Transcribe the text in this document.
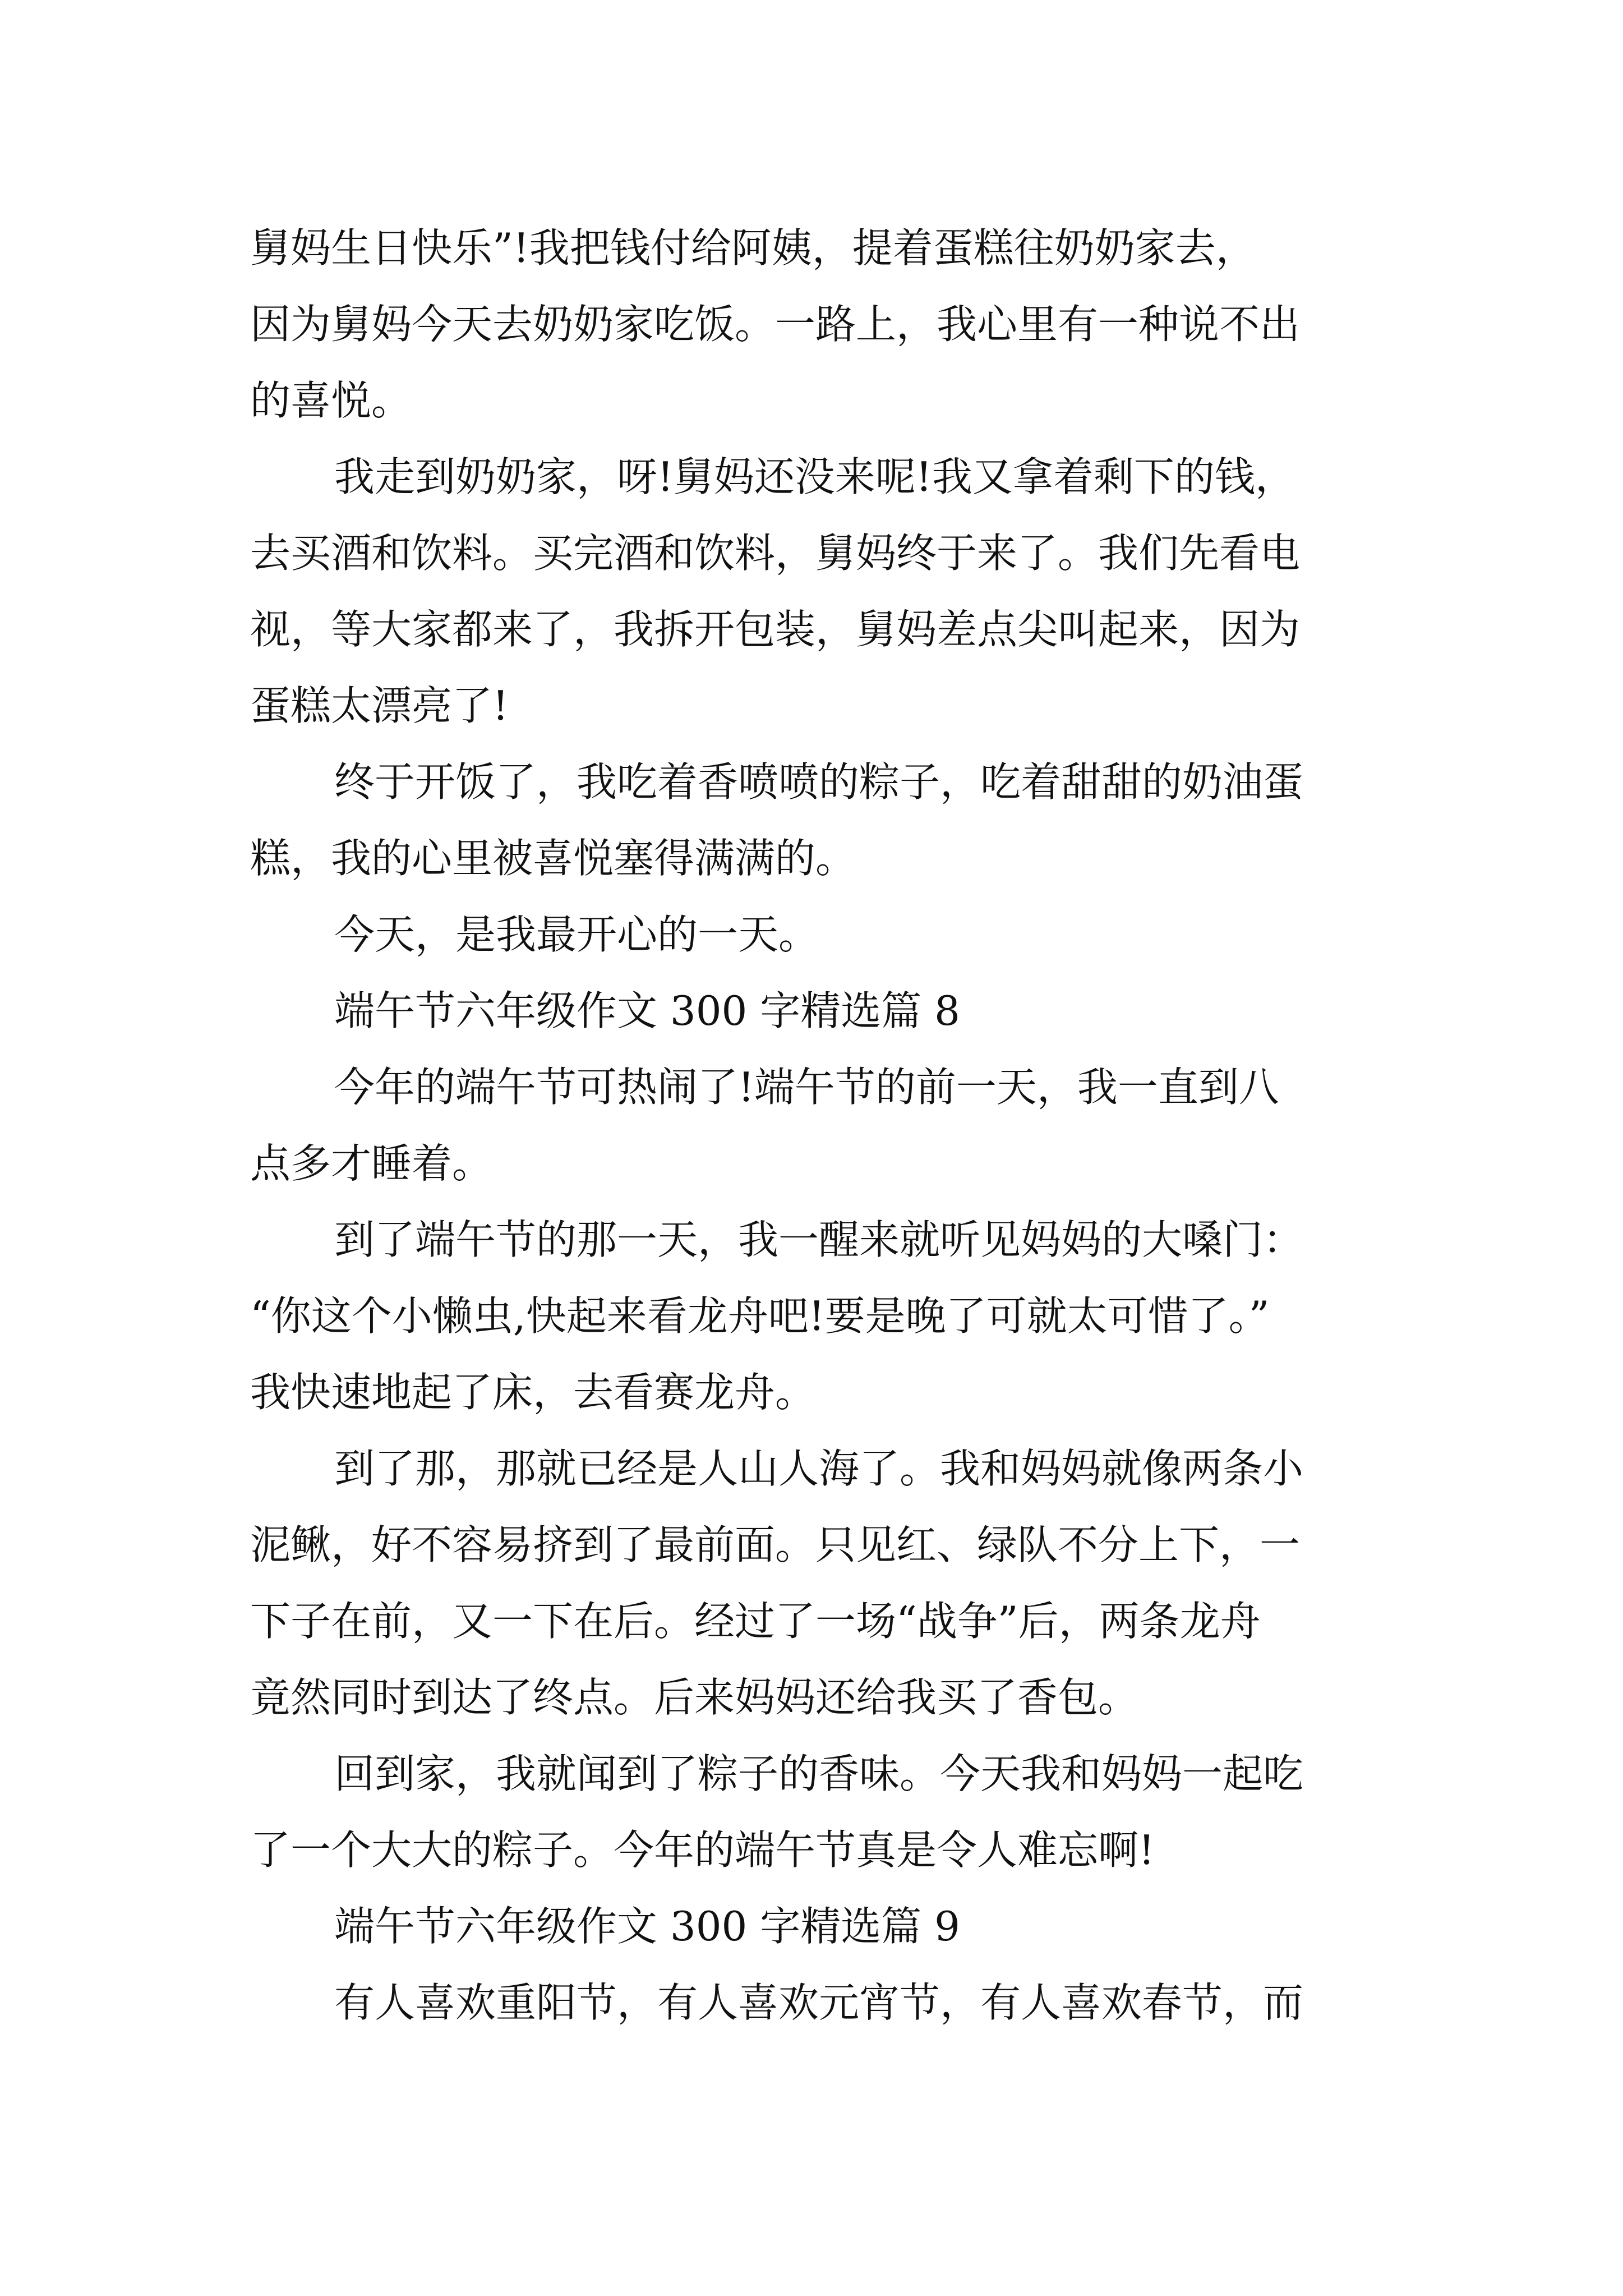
舅妈生日快乐”!我把钱付给阿姨，提着蛋糕往奶奶家去，
因为舅妈今天去奶奶家吃饭。一路上，我心里有一种说不出
的喜悦。
我走到奶奶家，呀!舅妈还没来呢!我又拿着剩下的钱，
去买酒和饮料。买完酒和饮料，舅妈终于来了。我们先看电
视，等大家都来了，我拆开包装，舅妈差点尖叫起来，因为
蛋糕太漂亮了!
终于开饭了，我吃着香喷喷的粽子，吃着甜甜的奶油蛋
糕，我的心里被喜悦塞得满满的。
今天，是我最开心的一天。
端午节六年级作文 300 字精选篇 8
今年的端午节可热闹了!端午节的前一天，我一直到八
点多才睡着。
到了端午节的那一天，我一醒来就听见妈妈的大嗓门：
“你这个小懒虫,快起来看龙舟吧!要是晚了可就太可惜了。”
我快速地起了床，去看赛龙舟。
到了那，那就已经是人山人海了。我和妈妈就像两条小
泥鳅，好不容易挤到了最前面。只见红、绿队不分上下，一
下子在前，又一下在后。经过了一场“战争”后，两条龙舟
竟然同时到达了终点。后来妈妈还给我买了香包。
回到家，我就闻到了粽子的香味。今天我和妈妈一起吃
了一个大大的粽子。今年的端午节真是令人难忘啊!
端午节六年级作文 300 字精选篇 9
有人喜欢重阳节，有人喜欢元宵节，有人喜欢春节，而
